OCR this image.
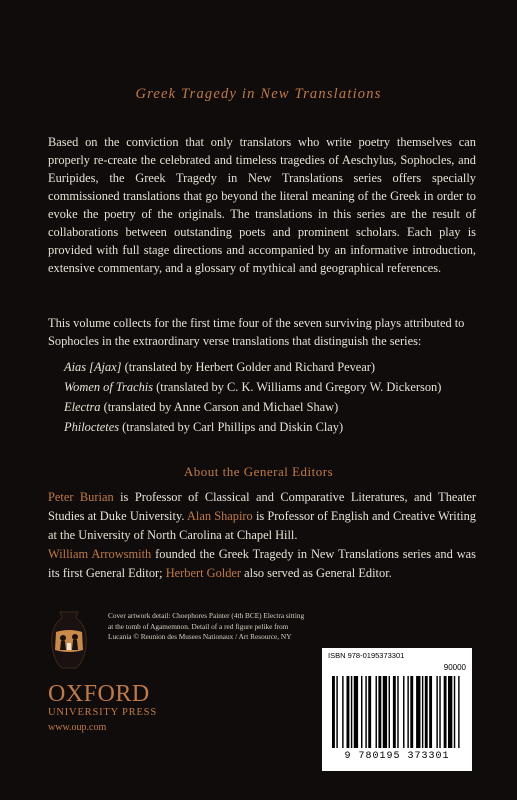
Greek Tragedy in New Translations

Based on the conviction that only translators who write poetry themselves can properly re-create the celebrated and timeless tragedies of Aeschylus, Sophocles, and Euripides, the Greek Tragedy in New Translations series offers specially commissioned translations that go beyond the literal meaning of the Greek in order to evoke the poetry of the originals. The translations in this series are the result of collaborations between outstanding poets and prominent scholars. Each play is provided with full stage directions and accompanied by an informative introduction, extensive commentary, and a glossary of mythical and geographical references.

This volume collects for the first time four of the seven surviving plays attributed to Sophocles in the extraordinary verse translations that distinguish the series:

Aias [Ajax] (translated by Herbert Golder and Richard Pevear)
Women of Trachis (translated by C. K. Williams and Gregory W. Dickerson)
Electra (translated by Anne Carson and Michael Shaw)
Philoctetes (translated by Carl Phillips and Diskin Clay)
About the General Editors

Peter Burian is Professor of Classical and Comparative Literatures, and Theater Studies at Duke University. Alan Shapiro is Professor of English and Creative Writing at the University of North Carolina at Chapel Hill.

William Arrowsmith founded the Greek Tragedy in New Translations series and was its first General Editor; Herbert Golder also served as General Editor.

Cover artwork detail: Choephores Painter (4th BCE) Electra sitting at the tomb of Agamemnon. Detail of a red figure pelike from Lucania © Reunion des Musees Nationaux / Art Resource, NY
OXFORD
UNIVERSITY PRESS
www.oup.com
ISBN 978-0195373301
90000
9 780195 373301
